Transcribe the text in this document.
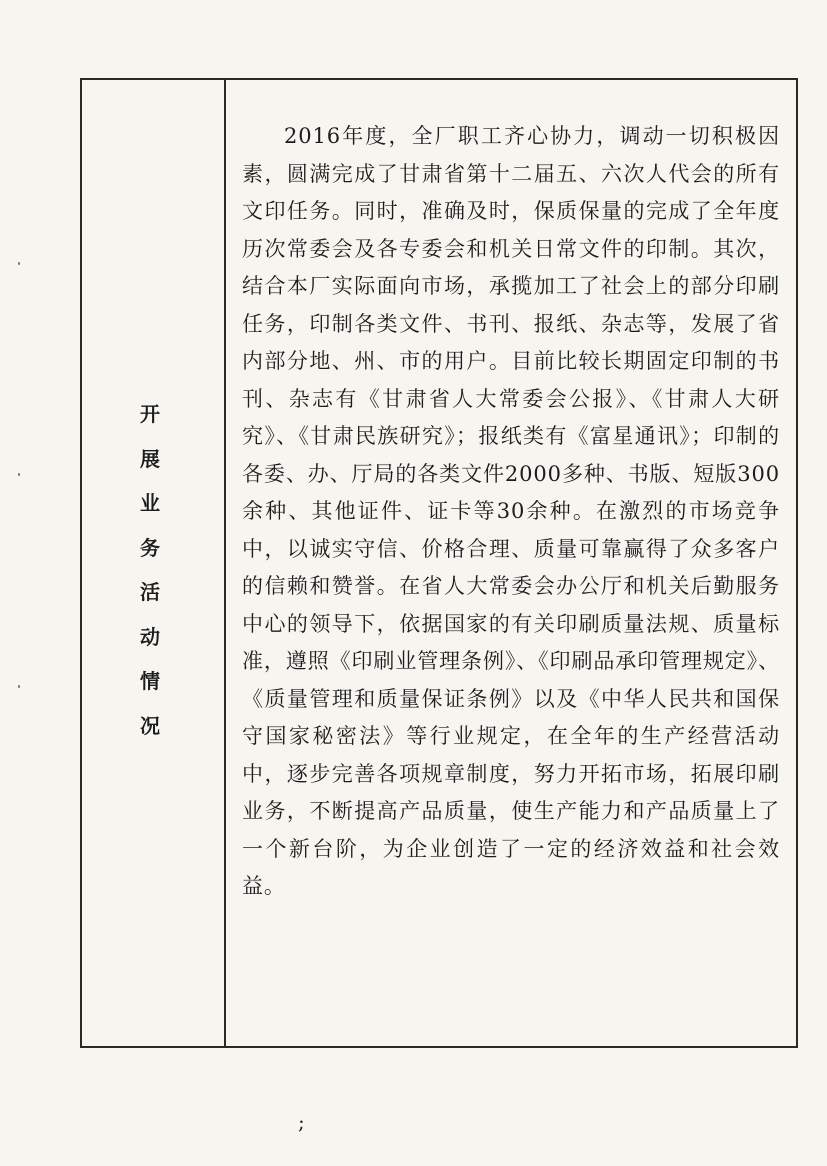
开
展
业
务
活
动
情
况

2016年度，全厂职工齐心协力，调动一切积极因素，圆满完成了甘肃省第十二届五、六次人代会的所有文印任务。同时，准确及时，保质保量的完成了全年度历次常委会及各专委会和机关日常文件的印制。其次，结合本厂实际面向市场，承揽加工了社会上的部分印刷任务，印制各类文件、书刊、报纸、杂志等，发展了省内部分地、州、市的用户。目前比较长期固定印制的书刊、杂志有《甘肃省人大常委会公报》、《甘肃人大研究》、《甘肃民族研究》；报纸类有《富星通讯》；印制的各委、办、厅局的各类文件2000多种、书版、短版300余种、其他证件、证卡等30余种。在激烈的市场竞争中，以诚实守信、价格合理、质量可靠赢得了众多客户的信赖和赞誉。在省人大常委会办公厅和机关后勤服务中心的领导下，依据国家的有关印刷质量法规、质量标准，遵照《印刷业管理条例》、《印刷品承印管理规定》、《质量管理和质量保证条例》以及《中华人民共和国保守国家秘密法》等行业规定，在全年的生产经营活动中，逐步完善各项规章制度，努力开拓市场，拓展印刷业务，不断提高产品质量，使生产能力和产品质量上了一个新台阶，为企业创造了一定的经济效益和社会效益。

;
